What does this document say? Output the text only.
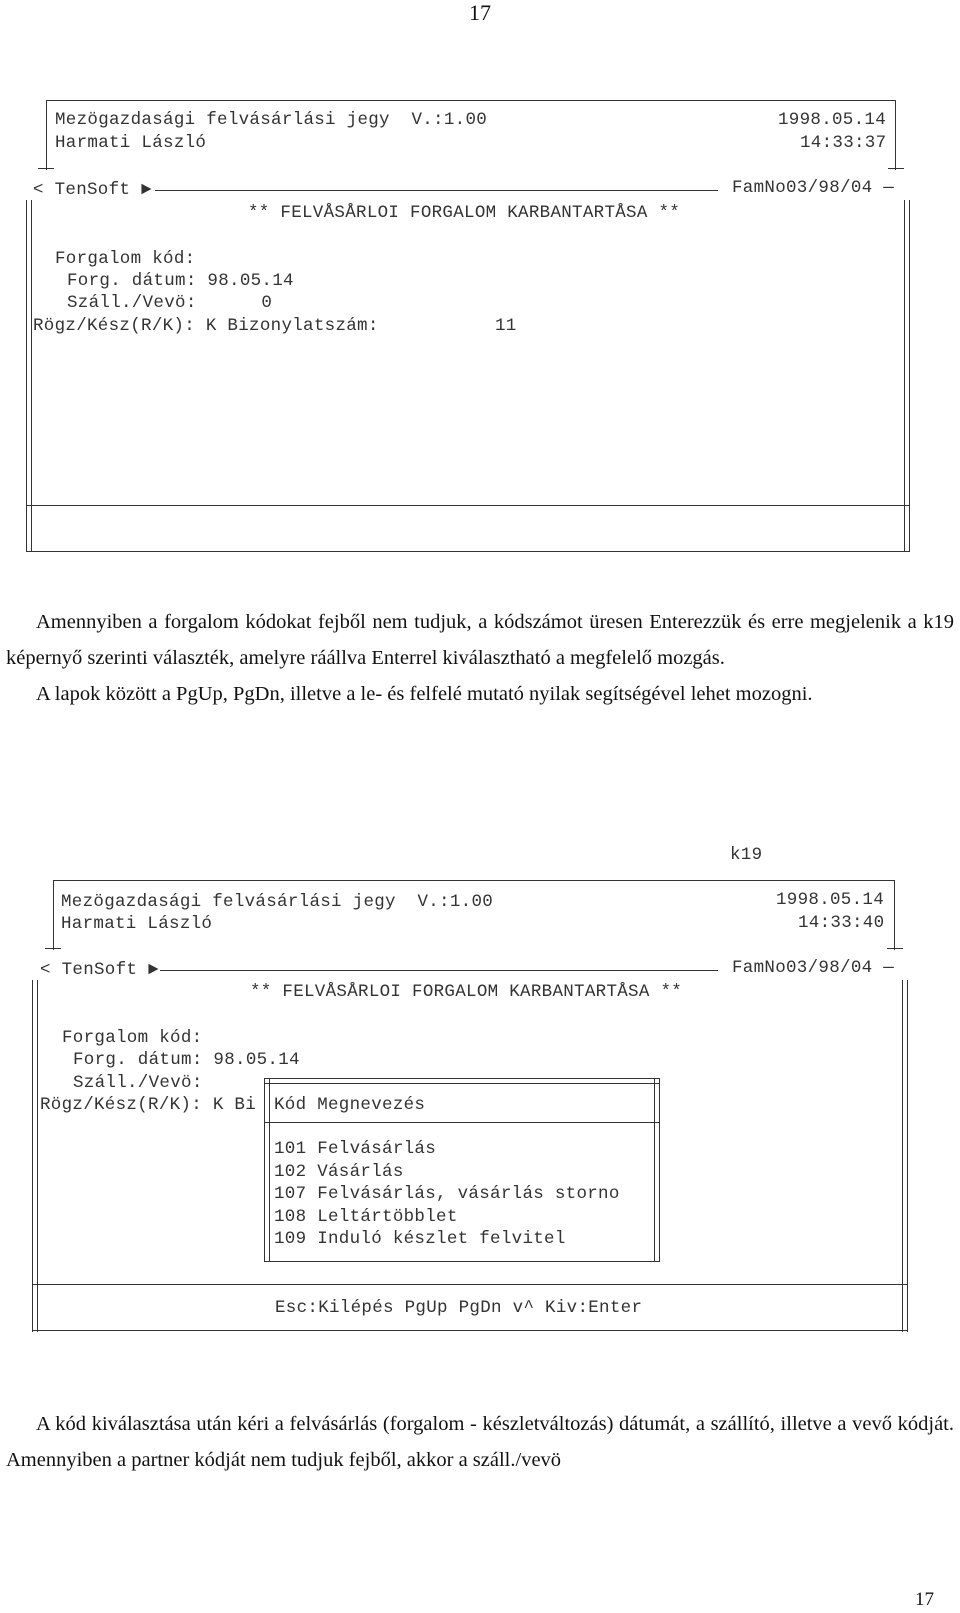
17
Mezögazdasági felvásárlási jegy  V.:1.00
Harmati László
1998.05.14
14:33:37
< TenSoft ►	FamNo03/98/04 —
** FELVÅSÅRLOI FORGALOM KARBANTARTÅSA **
Forgalom kód:
Forg. dátum: 98.05.14
Száll./Vevö:      0
Rögz/Kész(R/K): K Bizonylatszám:	11
Amennyiben a forgalom kódokat fejből nem tudjuk, a kódszámot üresen Enterezzük és erre megjelenik a k19 képernyő szerinti választék, amelyre ráállva Enterrel kiválasztható a megfelelő mozgás.
A lapok között a PgUp, PgDn, illetve a le- és felfelé mutató nyilak segítségével lehet mozogni.
k19
Mezögazdasági felvásárlási jegy  V.:1.00
Harmati László
1998.05.14
14:33:40
< TenSoft ►	FamNo03/98/04 —
** FELVÅSÅRLOI FORGALOM KARBANTARTÅSA **
Forgalom kód:
Forg. dátum: 98.05.14
Száll./Vevö:
Rögz/Kész(R/K): K Bi Kód Megnevezés
101 Felvásárlás
102 Vásárlás
107 Felvásárlás, vásárlás storno
108 Leltártöbblet
109 Induló készlet felvitel
Esc:Kilépés PgUp PgDn v^ Kiv:Enter
A kód kiválasztása után kéri a felvásárlás (forgalom - készletváltozás) dátumát, a szállító, illetve a vevő kódját. Amennyiben a partner kódját nem tudjuk fejből, akkor a száll./vevö
17
